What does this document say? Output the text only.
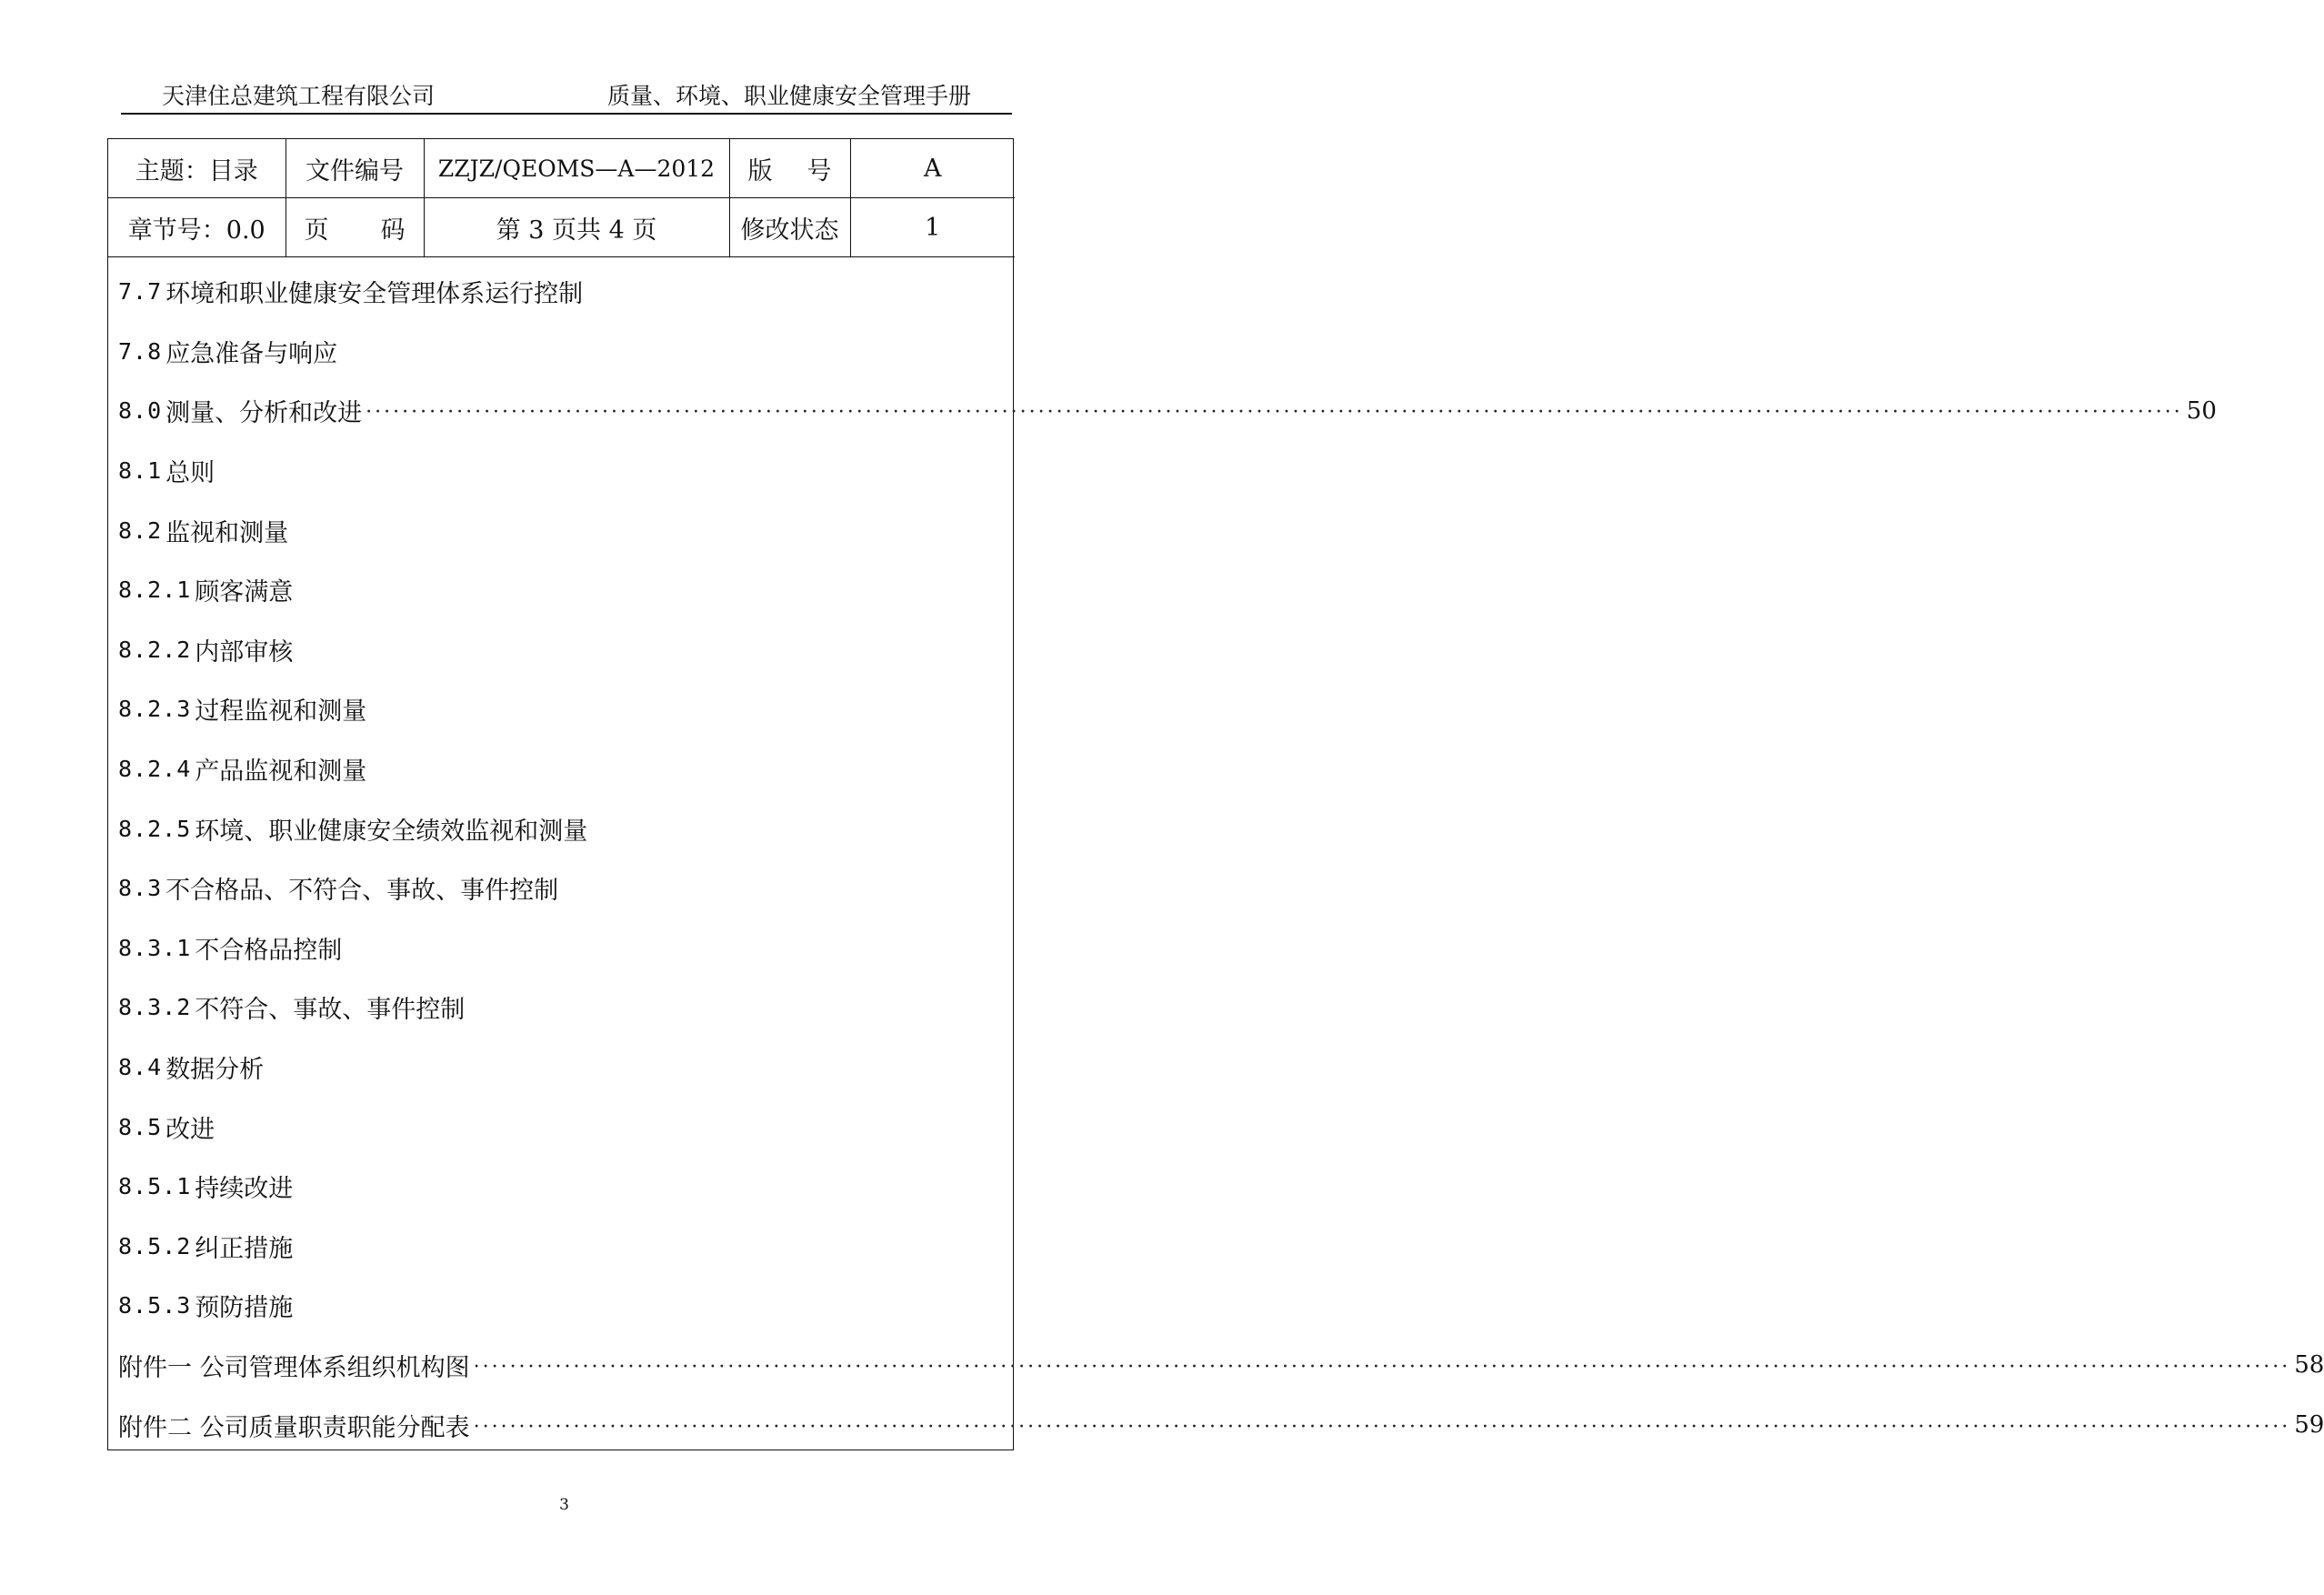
天津住总建筑工程有限公司	质量、环境、职业健康安全管理手册
主题：目录	文件编号	ZZJZ/QEOMS—A—2012	版 号	A
章节号：0.0	页 码	第 3 页共 4 页	修改状态	1
7.7 环境和职业健康安全管理体系运行控制
7.8 应急准备与响应
8.0 测量、分析和改进 ········································································································································································································ 50
8.1 总则
8.2 监视和测量
8.2.1 顾客满意
8.2.2 内部审核
8.2.3 过程监视和测量
8.2.4 产品监视和测量
8.2.5 环境、职业健康安全绩效监视和测量
8.3 不合格品、不符合、事故、事件控制
8.3.1 不合格品控制
8.3.2 不符合、事故、事件控制
8.4 数据分析
8.5 改进
8.5.1 持续改进
8.5.2 纠正措施
8.5.3 预防措施
附件一 公司管理体系组织机构图 ········································································································································································································ 58
附件二 公司质量职责职能分配表 ········································································································································································································ 59
3
